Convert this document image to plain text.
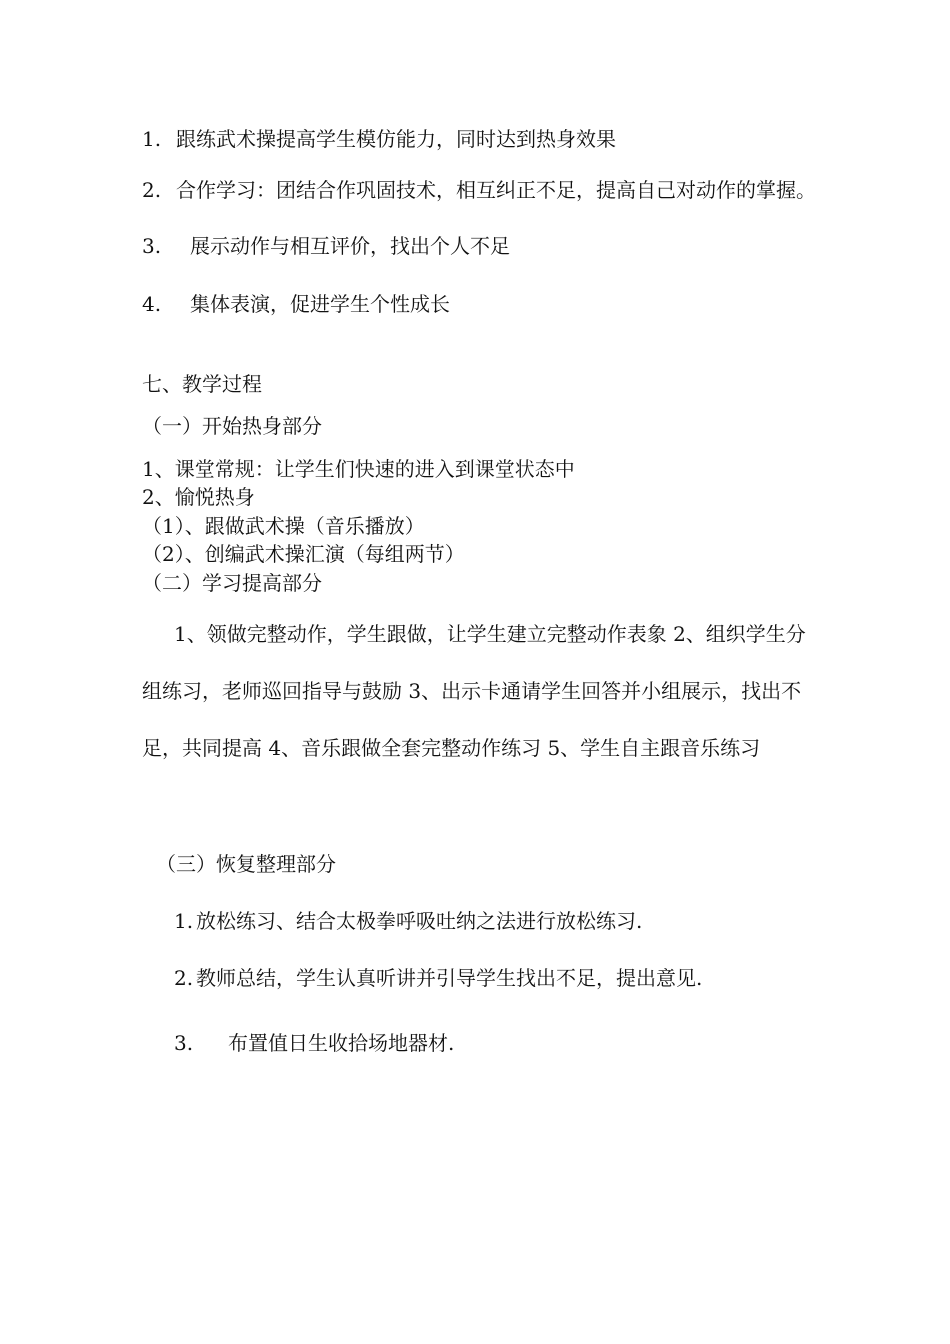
1. 跟练武术操提高学生模仿能力，同时达到热身效果
2. 合作学习：团结合作巩固技术，相互纠正不足，提高自己对动作的掌握。
3. 展示动作与相互评价，找出个人不足
4. 集体表演，促进学生个性成长
七、教学过程
（一）开始热身部分
1、课堂常规：让学生们快速的进入到课堂状态中
2、愉悦热身
（1）、跟做武术操（音乐播放）
（2）、创编武术操汇演（每组两节）
（二）学习提高部分
1、领做完整动作，学生跟做，让学生建立完整动作表象 2、组织学生分
组练习，老师巡回指导与鼓励 3、出示卡通请学生回答并小组展示，找出不
足，共同提高 4、音乐跟做全套完整动作练习 5、学生自主跟音乐练习
（三）恢复整理部分
1. 放松练习、结合太极拳呼吸吐纳之法进行放松练习.
2. 教师总结，学生认真听讲并引导学生找出不足，提出意见.
3. 布置值日生收拾场地器材.
